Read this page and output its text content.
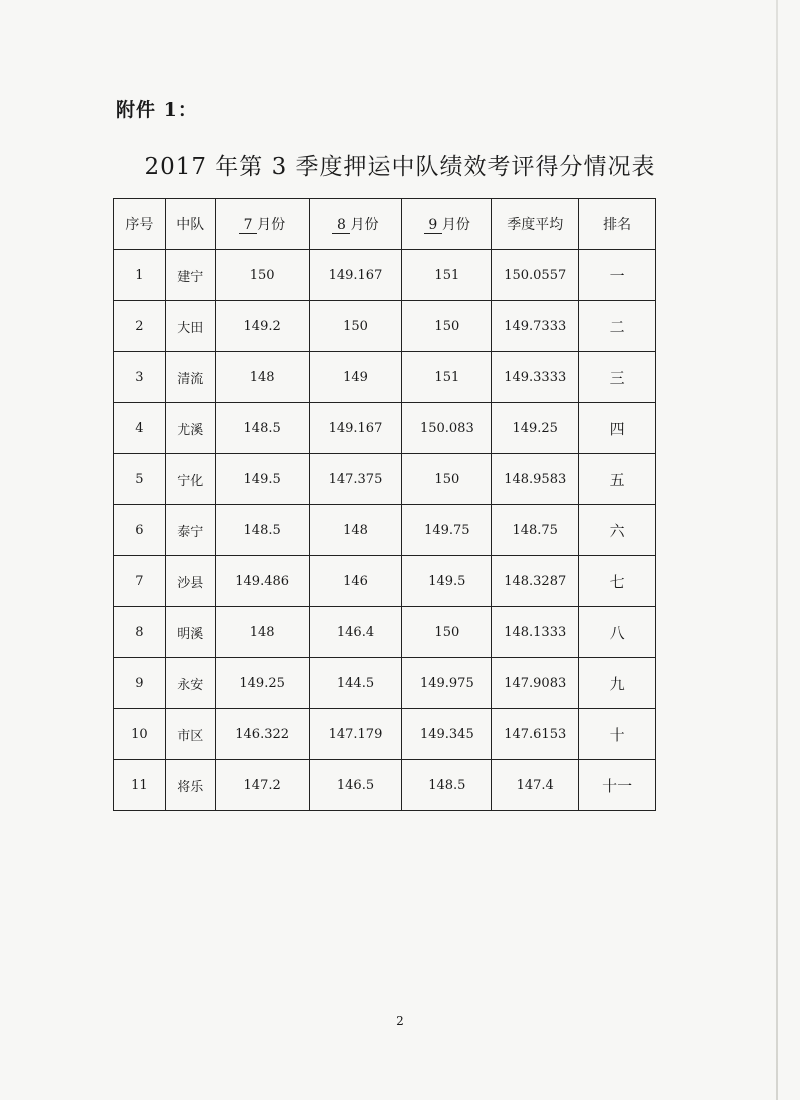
附件 1：
2017 年第 3 季度押运中队绩效考评得分情况表
序号	中队	7 月份	8 月份	9 月份	季度平均	排名
1	建宁	150	149.167	151	150.0557	一
2	大田	149.2	150	150	149.7333	二
3	清流	148	149	151	149.3333	三
4	尤溪	148.5	149.167	150.083	149.25	四
5	宁化	149.5	147.375	150	148.9583	五
6	泰宁	148.5	148	149.75	148.75	六
7	沙县	149.486	146	149.5	148.3287	七
8	明溪	148	146.4	150	148.1333	八
9	永安	149.25	144.5	149.975	147.9083	九
10	市区	146.322	147.179	149.345	147.6153	十
11	将乐	147.2	146.5	148.5	147.4	十一
2
